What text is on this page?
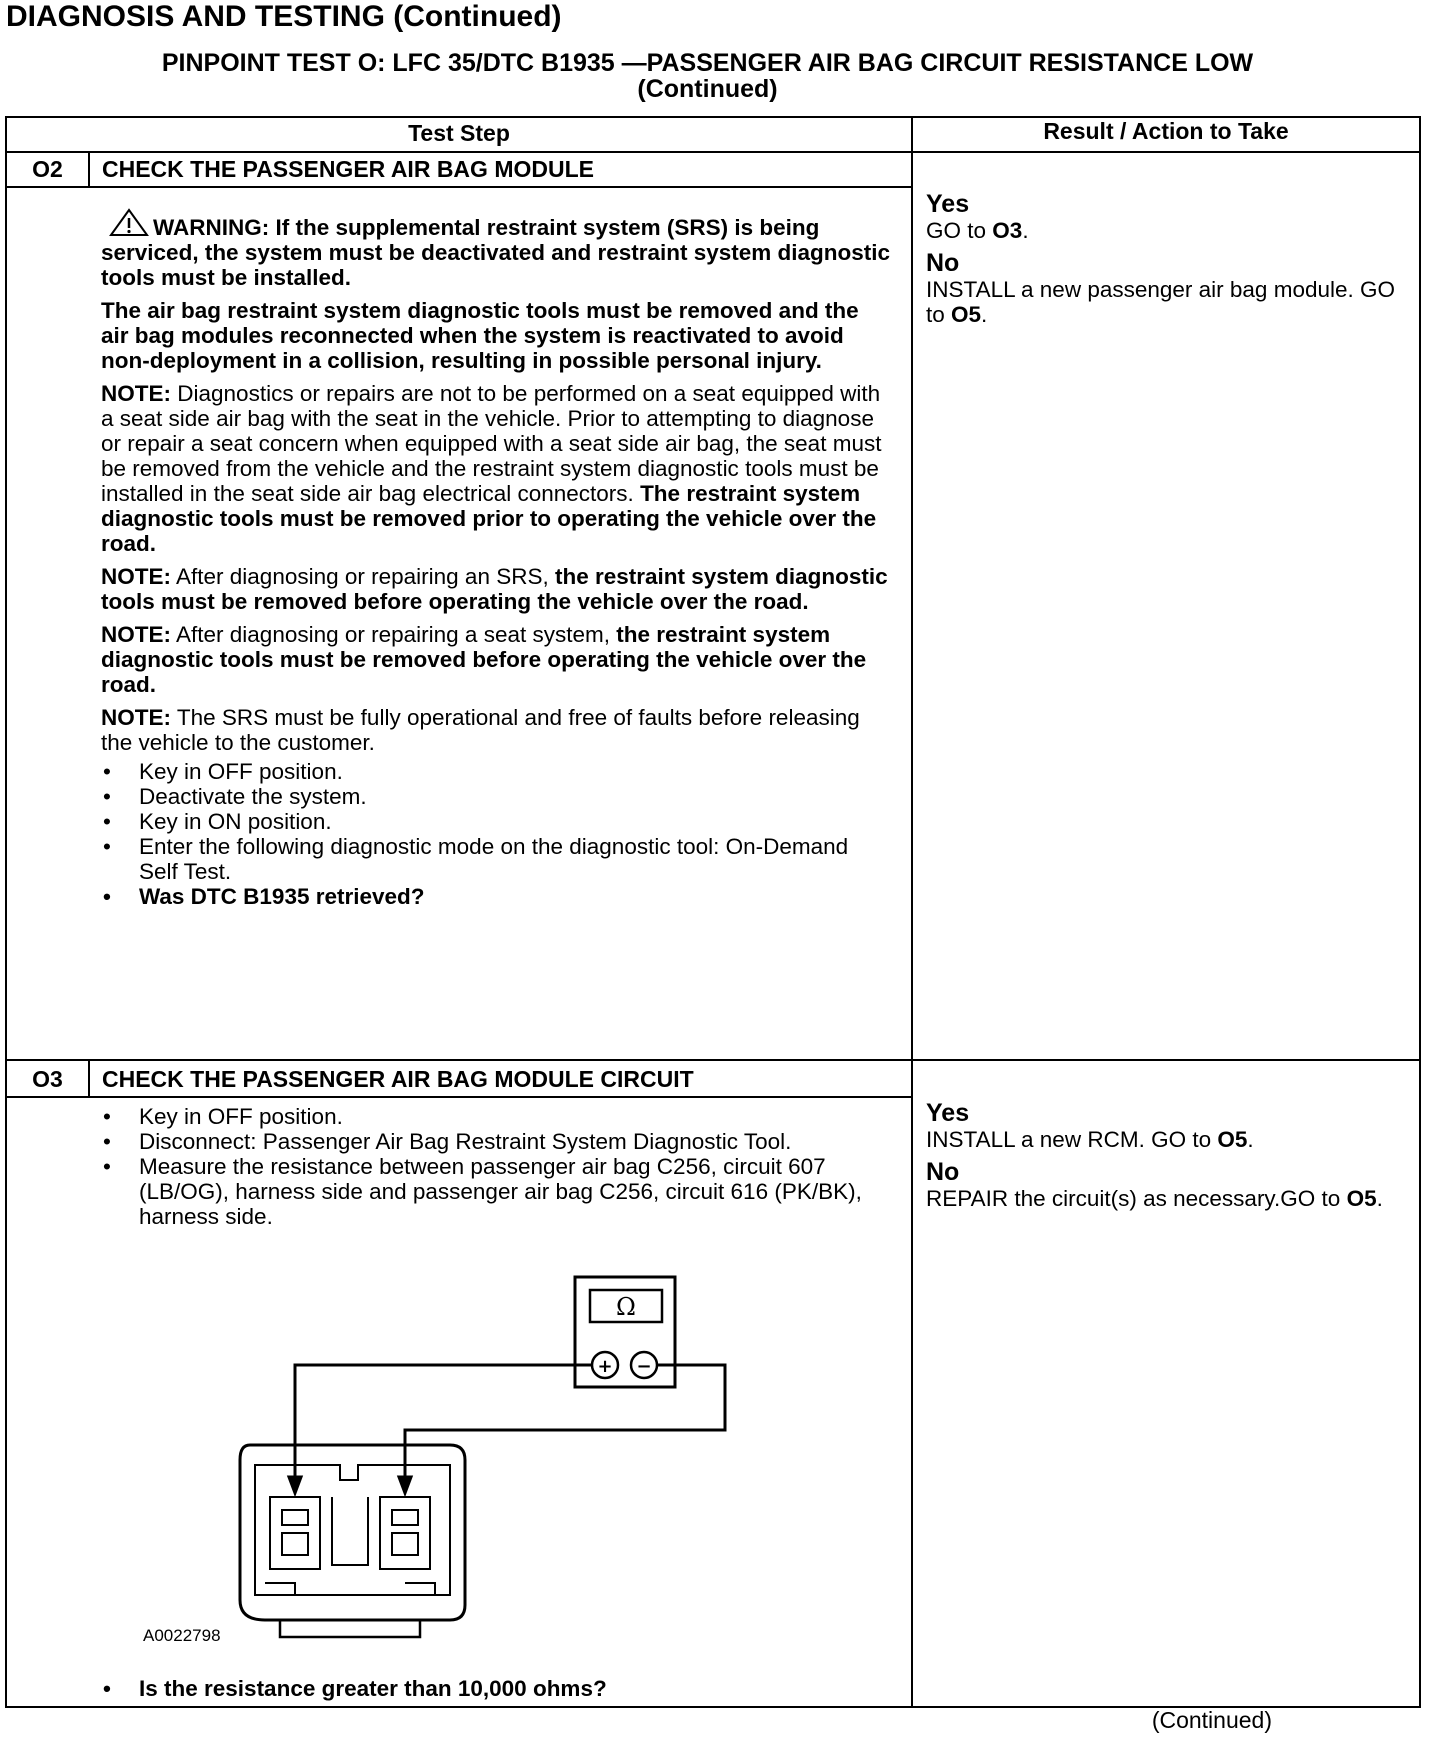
DIAGNOSIS AND TESTING (Continued)
PINPOINT TEST O: LFC 35/DTC B1935 —PASSENGER AIR BAG CIRCUIT RESISTANCE LOW
(Continued)
Test Step	Result / Action to Take
O2	CHECK THE PASSENGER AIR BAG MODULE

WARNING: If the supplemental restraint system (SRS) is being serviced, the system must be deactivated and restraint system diagnostic tools must be installed.

The air bag restraint system diagnostic tools must be removed and the air bag modules reconnected when the system is reactivated to avoid non-deployment in a collision, resulting in possible personal injury.

NOTE: Diagnostics or repairs are not to be performed on a seat equipped with a seat side air bag with the seat in the vehicle. Prior to attempting to diagnose or repair a seat concern when equipped with a seat side air bag, the seat must be removed from the vehicle and the restraint system diagnostic tools must be installed in the seat side air bag electrical connectors. The restraint system diagnostic tools must be removed prior to operating the vehicle over the road.

NOTE: After diagnosing or repairing an SRS, the restraint system diagnostic tools must be removed before operating the vehicle over the road.

NOTE: After diagnosing or repairing a seat system, the restraint system diagnostic tools must be removed before operating the vehicle over the road.

NOTE: The SRS must be fully operational and free of faults before releasing the vehicle to the customer.

• Key in OFF position.
• Deactivate the system.
• Key in ON position.
• Enter the following diagnostic mode on the diagnostic tool: On-Demand Self Test.
• Was DTC B1935 retrieved?
Yes
GO to O3.
No
INSTALL a new passenger air bag module. GO to O5.
O3	CHECK THE PASSENGER AIR BAG MODULE CIRCUIT
• Key in OFF position.
• Disconnect: Passenger Air Bag Restraint System Diagnostic Tool.
• Measure the resistance between passenger air bag C256, circuit 607 (LB/OG), harness side and passenger air bag C256, circuit 616 (PK/BK), harness side.
Ω
+ −
A0022798
• Is the resistance greater than 10,000 ohms?
Yes
INSTALL a new RCM. GO to O5.
No
REPAIR the circuit(s) as necessary.GO to O5.
(Continued)
